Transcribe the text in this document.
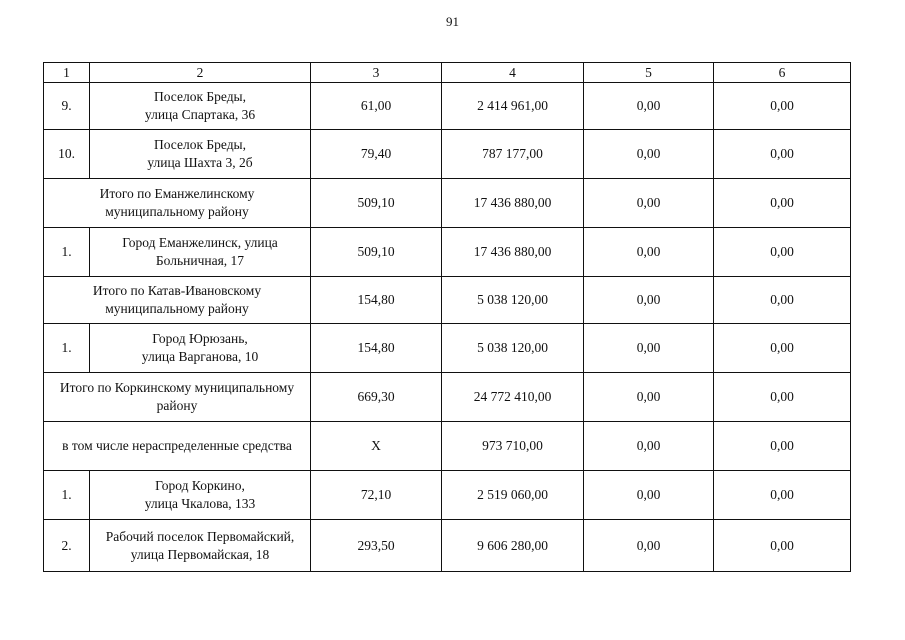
91
1	2	3	4	5	6
9.	Поселок Бреды,
улица Спартака, 36	61,00	2 414 961,00	0,00	0,00
10.	Поселок Бреды,
улица Шахта 3, 2б	79,40	787 177,00	0,00	0,00
Итого по Еманжелинскому
муниципальному району		509,10	17 436 880,00	0,00	0,00
1.	Город Еманжелинск, улица
Больничная, 17	509,10	17 436 880,00	0,00	0,00
Итого по Катав-Ивановскому
муниципальному району		154,80	5 038 120,00	0,00	0,00
1.	Город Юрюзань,
улица Варганова, 10	154,80	5 038 120,00	0,00	0,00
Итого по Коркинскому муниципальному
району		669,30	24 772 410,00	0,00	0,00
в том числе нераспределенные средства		Х	973 710,00	0,00	0,00
1.	Город Коркино,
улица Чкалова, 133	72,10	2 519 060,00	0,00	0,00
2.	Рабочий поселок Первомайский,
улица Первомайская, 18	293,50	9 606 280,00	0,00	0,00
